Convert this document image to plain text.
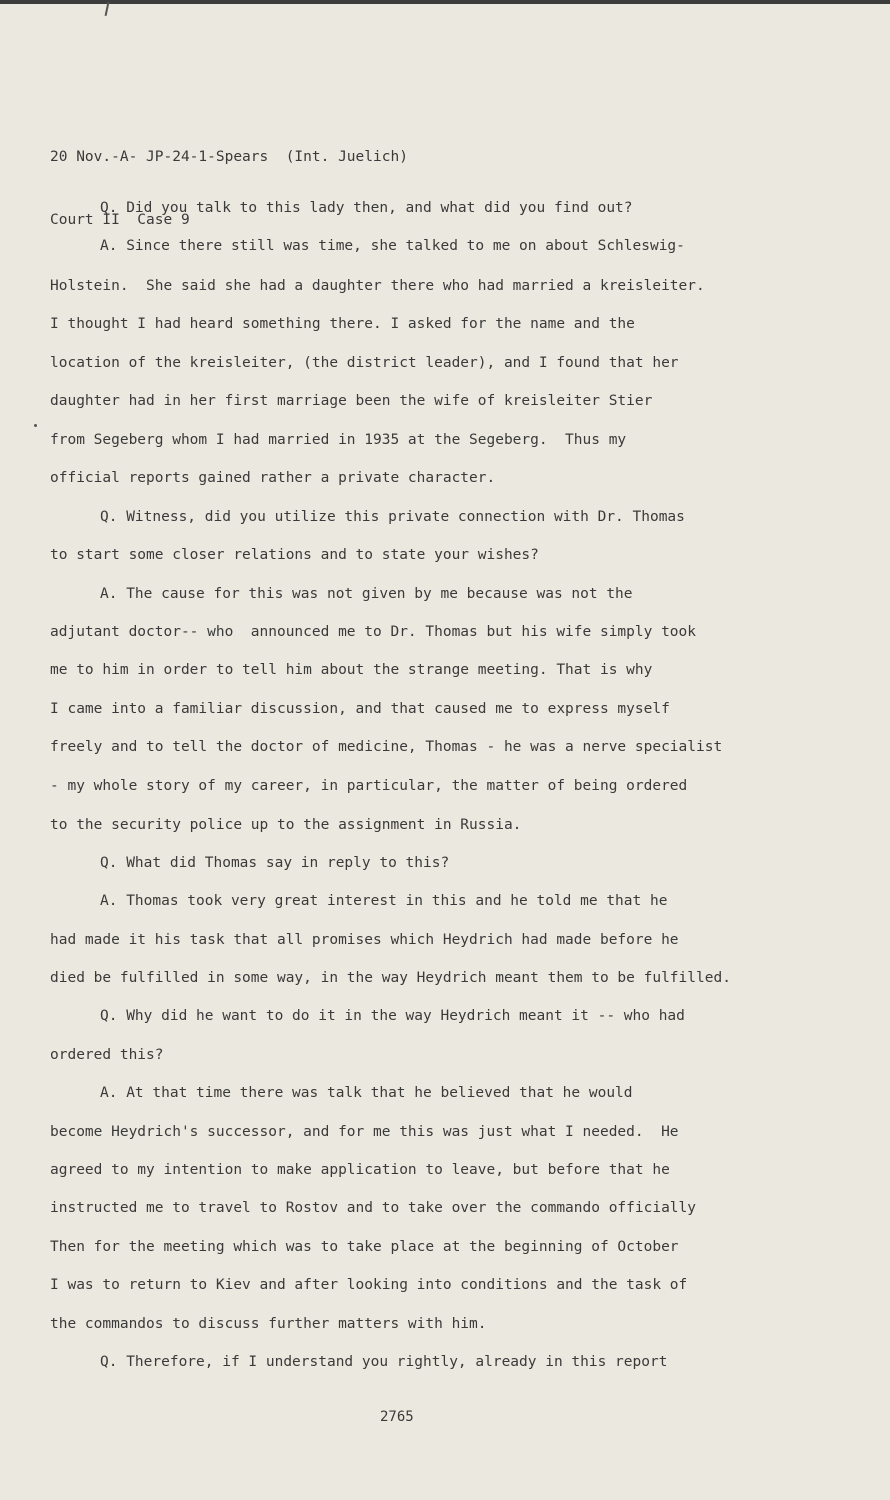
20 Nov.-A- JP-24-1-Spears  (Int. Juelich)

Court II  Case 9

Q. Did you talk to this lady then, and what did you find out?
A. Since there still was time, she talked to me on about Schleswig-
Holstein.  She said she had a daughter there who had married a kreisleiter.
I thought I had heard something there. I asked for the name and the
location of the kreisleiter, (the district leader), and I found that her
daughter had in her first marriage been the wife of kreisleiter Stier
from Segeberg whom I had married in 1935 at the Segeberg.  Thus my
official reports gained rather a private character.
Q. Witness, did you utilize this private connection with Dr. Thomas
to start some closer relations and to state your wishes?
A. The cause for this was not given by me because was not the
adjutant doctor-- who  announced me to Dr. Thomas but his wife simply took
me to him in order to tell him about the strange meeting. That is why
I came into a familiar discussion, and that caused me to express myself
freely and to tell the doctor of medicine, Thomas - he was a nerve specialist
- my whole story of my career, in particular, the matter of being ordered
to the security police up to the assignment in Russia.
Q. What did Thomas say in reply to this?
A. Thomas took very great interest in this and he told me that he
had made it his task that all promises which Heydrich had made before he
died be fulfilled in some way, in the way Heydrich meant them to be fulfilled.
Q. Why did he want to do it in the way Heydrich meant it -- who had
ordered this?
A. At that time there was talk that he believed that he would
become Heydrich's successor, and for me this was just what I needed.  He
agreed to my intention to make application to leave, but before that he
instructed me to travel to Rostov and to take over the commando officially
Then for the meeting which was to take place at the beginning of October
I was to return to Kiev and after looking into conditions and the task of
the commandos to discuss further matters with him.
Q. Therefore, if I understand you rightly, already in this report
2765
